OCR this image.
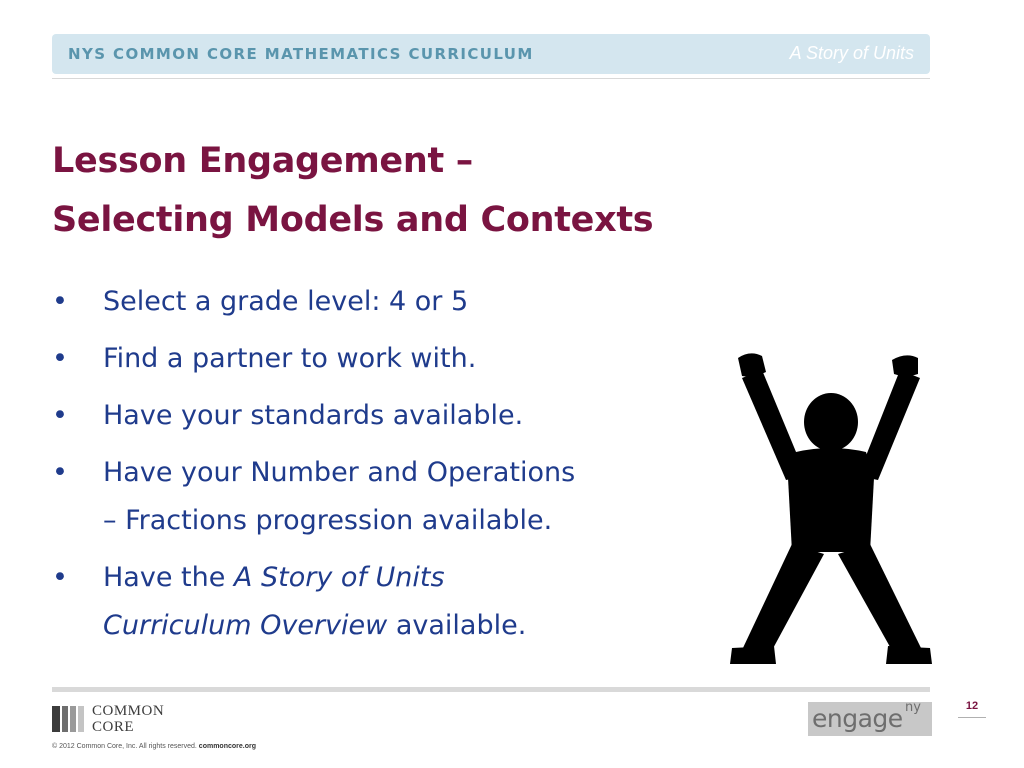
NYS COMMON CORE MATHEMATICS CURRICULUM	A Story of Units
Lesson Engagement –
Selecting Models and Contexts
• Select a grade level: 4 or 5
• Find a partner to work with.
• Have your standards available.
• Have your Number and Operations
– Fractions progression available.
• Have the A Story of Units
Curriculum Overview available.
COMMON
CORE
© 2012 Common Core, Inc. All rights reserved. commoncore.org
engage ny	12
